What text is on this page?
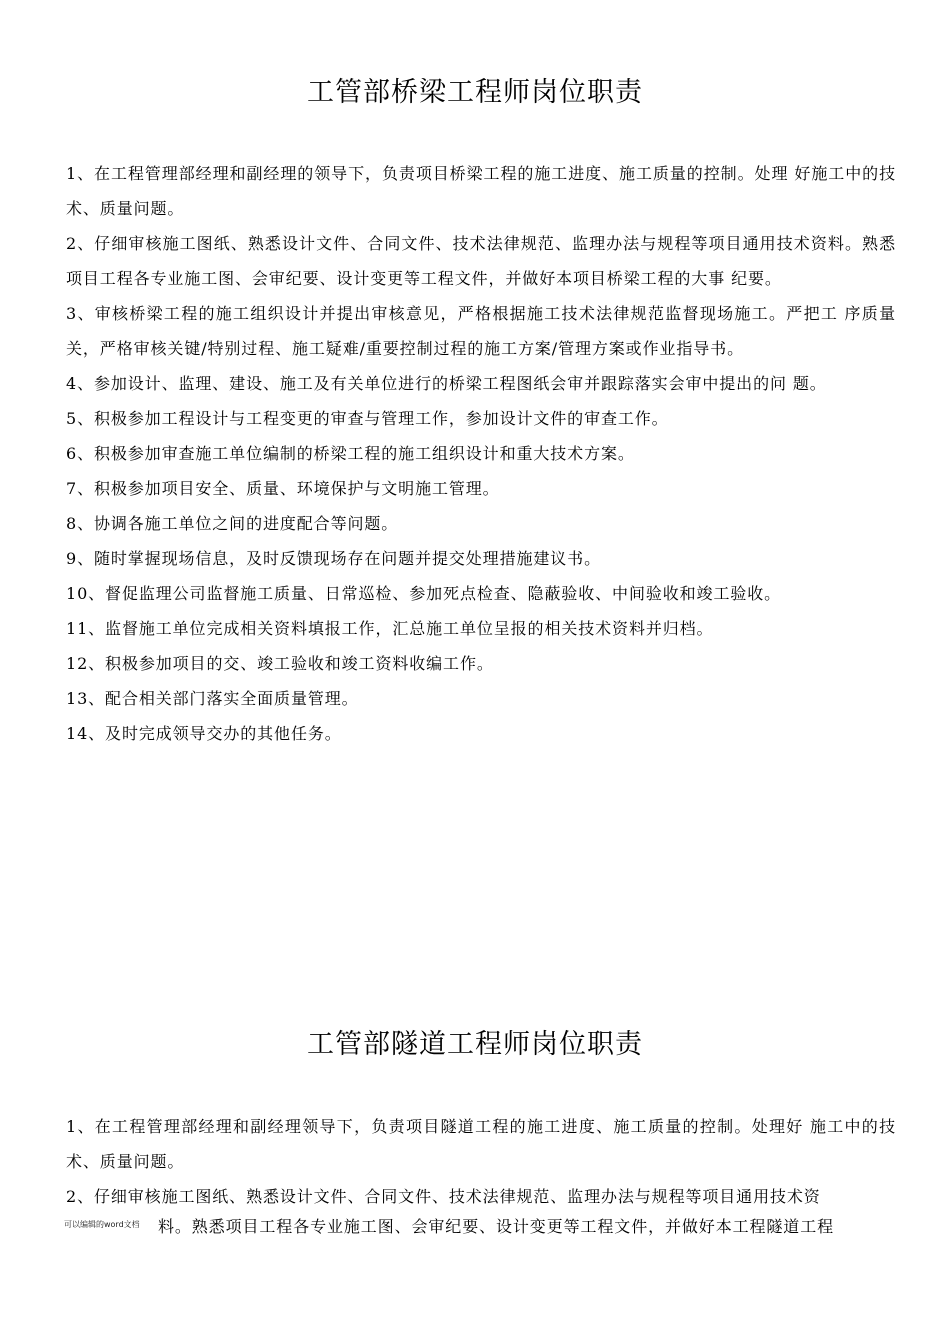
工管部桥梁工程师岗位职责
1、在工程管理部经理和副经理的领导下，负责项目桥梁工程的施工进度、施工质量的控制。处理 好施工中的技术、质量问题。
2、仔细审核施工图纸、熟悉设计文件、合同文件、技术法律规范、监理办法与规程等项目通用技术资料。熟悉项目工程各专业施工图、会审纪要、设计变更等工程文件，并做好本项目桥梁工程的大事 纪要。
3、审核桥梁工程的施工组织设计并提出审核意见，严格根据施工技术法律规范监督现场施工。严把工 序质量关，严格审核关键/特别过程、施工疑难/重要控制过程的施工方案/管理方案或作业指导书。
4、参加设计、监理、建设、施工及有关单位进行的桥梁工程图纸会审并跟踪落实会审中提出的问 题。
5、积极参加工程设计与工程变更的审查与管理工作，参加设计文件的审查工作。
6、积极参加审查施工单位编制的桥梁工程的施工组织设计和重大技术方案。
7、积极参加项目安全、质量、环境保护与文明施工管理。
8、协调各施工单位之间的进度配合等问题。
9、随时掌握现场信息，及时反馈现场存在问题并提交处理措施建议书。
10、督促监理公司监督施工质量、日常巡检、参加死点检查、隐蔽验收、中间验收和竣工验收。
11、监督施工单位完成相关资料填报工作，汇总施工单位呈报的相关技术资料并归档。
12、积极参加项目的交、竣工验收和竣工资料收编工作。
13、配合相关部门落实全面质量管理。
14、及时完成领导交办的其他任务。
工管部隧道工程师岗位职责
1、在工程管理部经理和副经理领导下，负责项目隧道工程的施工进度、施工质量的控制。处理好 施工中的技术、质量问题。
2、仔细审核施工图纸、熟悉设计文件、合同文件、技术法律规范、监理办法与规程等项目通用技术资
料。熟悉项目工程各专业施工图、会审纪要、设计变更等工程文件，并做好本工程隧道工程
可以编辑的word文档
